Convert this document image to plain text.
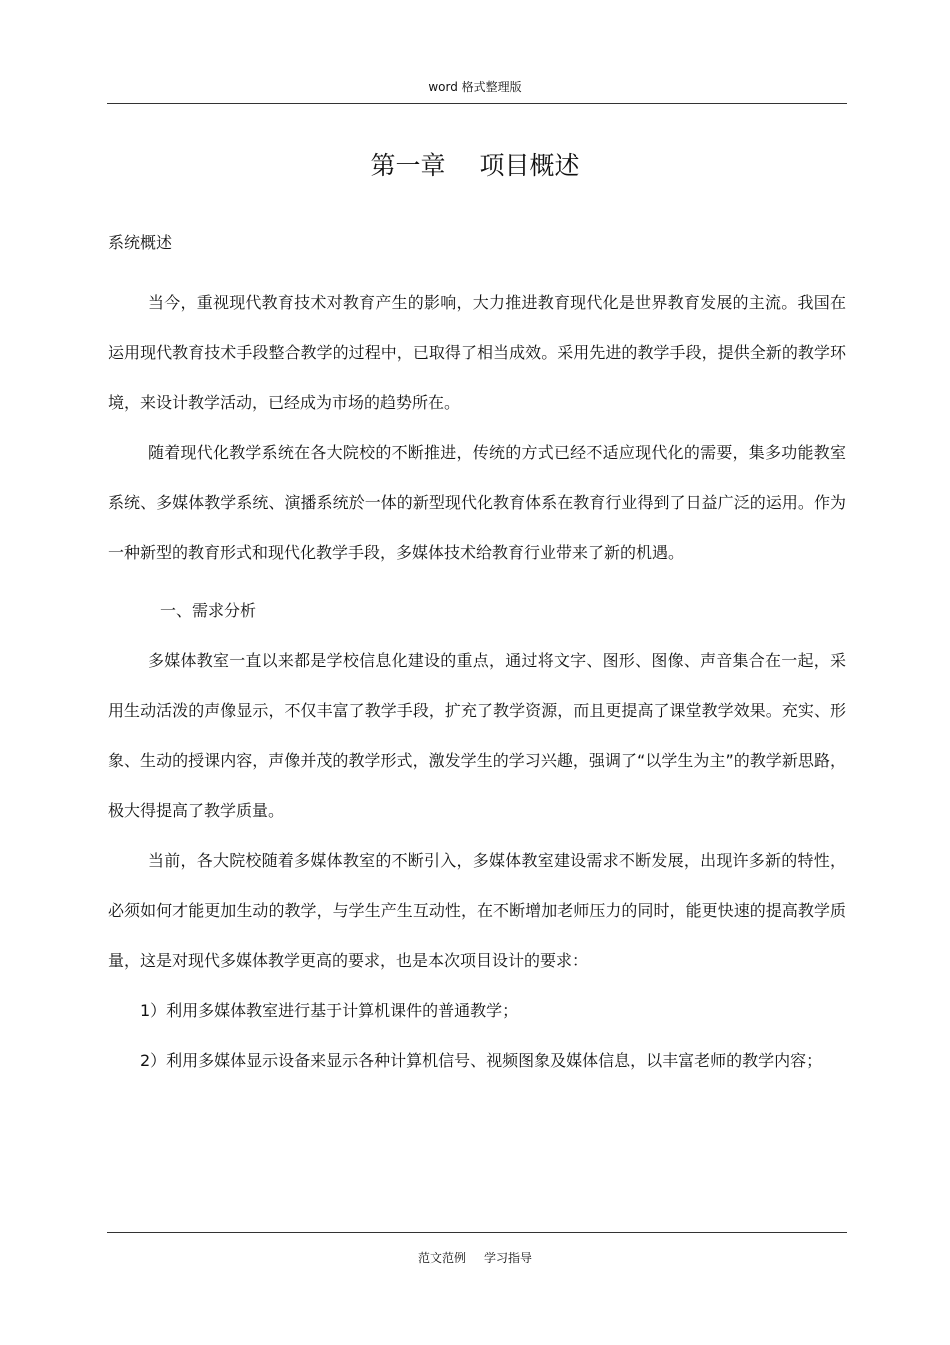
word 格式整理版
第一章 项目概述
系统概述

当今，重视现代教育技术对教育产生的影响，大力推进教育现代化是世界教育发展的主流。我国在运用现代教育技术手段整合教学的过程中，已取得了相当成效。采用先进的教学手段，提供全新的教学环境，来设计教学活动，已经成为市场的趋势所在。

随着现代化教学系统在各大院校的不断推进，传统的方式已经不适应现代化的需要，集多功能教室系统、多媒体教学系统、演播系统於一体的新型现代化教育体系在教育行业得到了日益广泛的运用。作为一种新型的教育形式和现代化教学手段，多媒体技术给教育行业带来了新的机遇。

一、需求分析

多媒体教室一直以来都是学校信息化建设的重点，通过将文字、图形、图像、声音集合在一起，采用生动活泼的声像显示，不仅丰富了教学手段，扩充了教学资源，而且更提高了课堂教学效果。充实、形象、生动的授课内容，声像并茂的教学形式，激发学生的学习兴趣，强调了“以学生为主”的教学新思路，极大得提高了教学质量。

当前，各大院校随着多媒体教室的不断引入，多媒体教室建设需求不断发展，出现许多新的特性，必须如何才能更加生动的教学，与学生产生互动性，在不断增加老师压力的同时，能更快速的提高教学质量，这是对现代多媒体教学更高的要求，也是本次项目设计的要求：

1）利用多媒体教室进行基于计算机课件的普通教学；

2）利用多媒体显示设备来显示各种计算机信号、视频图象及媒体信息，以丰富老师的教学内容；

范文范例 学习指导
